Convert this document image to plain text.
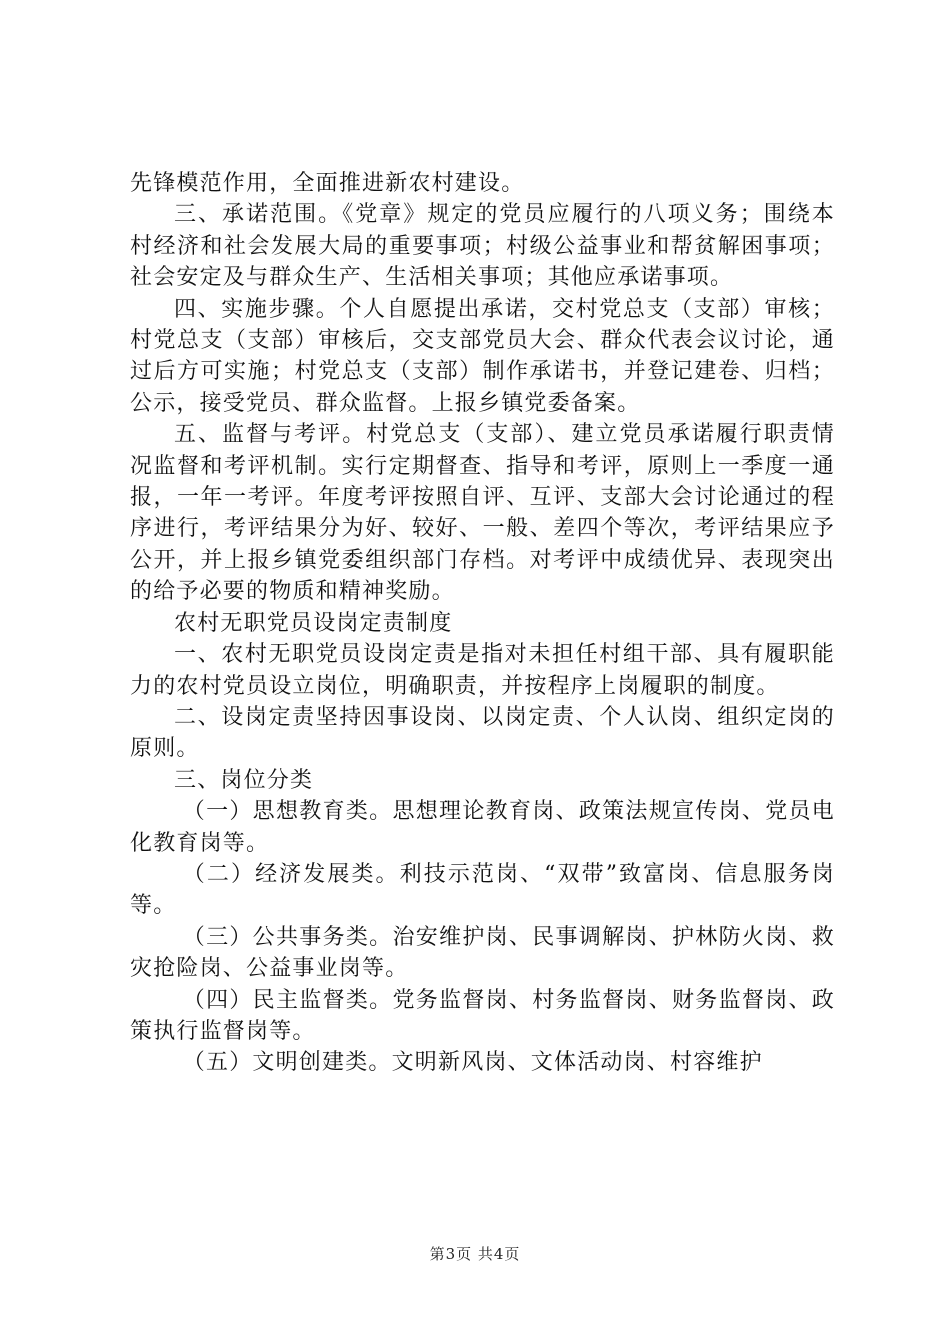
先锋模范作用，全面推进新农村建设。

三、承诺范围。《党章》规定的党员应履行的八项义务；围绕本村经济和社会发展大局的重要事项；村级公益事业和帮贫解困事项；社会安定及与群众生产、生活相关事项；其他应承诺事项。

四、实施步骤。个人自愿提出承诺，交村党总支（支部）审核；村党总支（支部）审核后，交支部党员大会、群众代表会议讨论，通过后方可实施；村党总支（支部）制作承诺书，并登记建卷、归档；公示，接受党员、群众监督。上报乡镇党委备案。

五、监督与考评。村党总支（支部）、建立党员承诺履行职责情况监督和考评机制。实行定期督查、指导和考评，原则上一季度一通报，一年一考评。年度考评按照自评、互评、支部大会讨论通过的程序进行，考评结果分为好、较好、一般、差四个等次，考评结果应予公开，并上报乡镇党委组织部门存档。对考评中成绩优异、表现突出的给予必要的物质和精神奖励。

农村无职党员设岗定责制度

一、农村无职党员设岗定责是指对未担任村组干部、具有履职能力的农村党员设立岗位，明确职责，并按程序上岗履职的制度。

二、设岗定责坚持因事设岗、以岗定责、个人认岗、组织定岗的原则。

三、岗位分类

（一）思想教育类。思想理论教育岗、政策法规宣传岗、党员电化教育岗等。

（二）经济发展类。利技示范岗、“双带”致富岗、信息服务岗等。

（三）公共事务类。治安维护岗、民事调解岗、护林防火岗、救灾抢险岗、公益事业岗等。

（四）民主监督类。党务监督岗、村务监督岗、财务监督岗、政策执行监督岗等。

（五）文明创建类。文明新风岗、文体活动岗、村容维护

第3页 共4页
